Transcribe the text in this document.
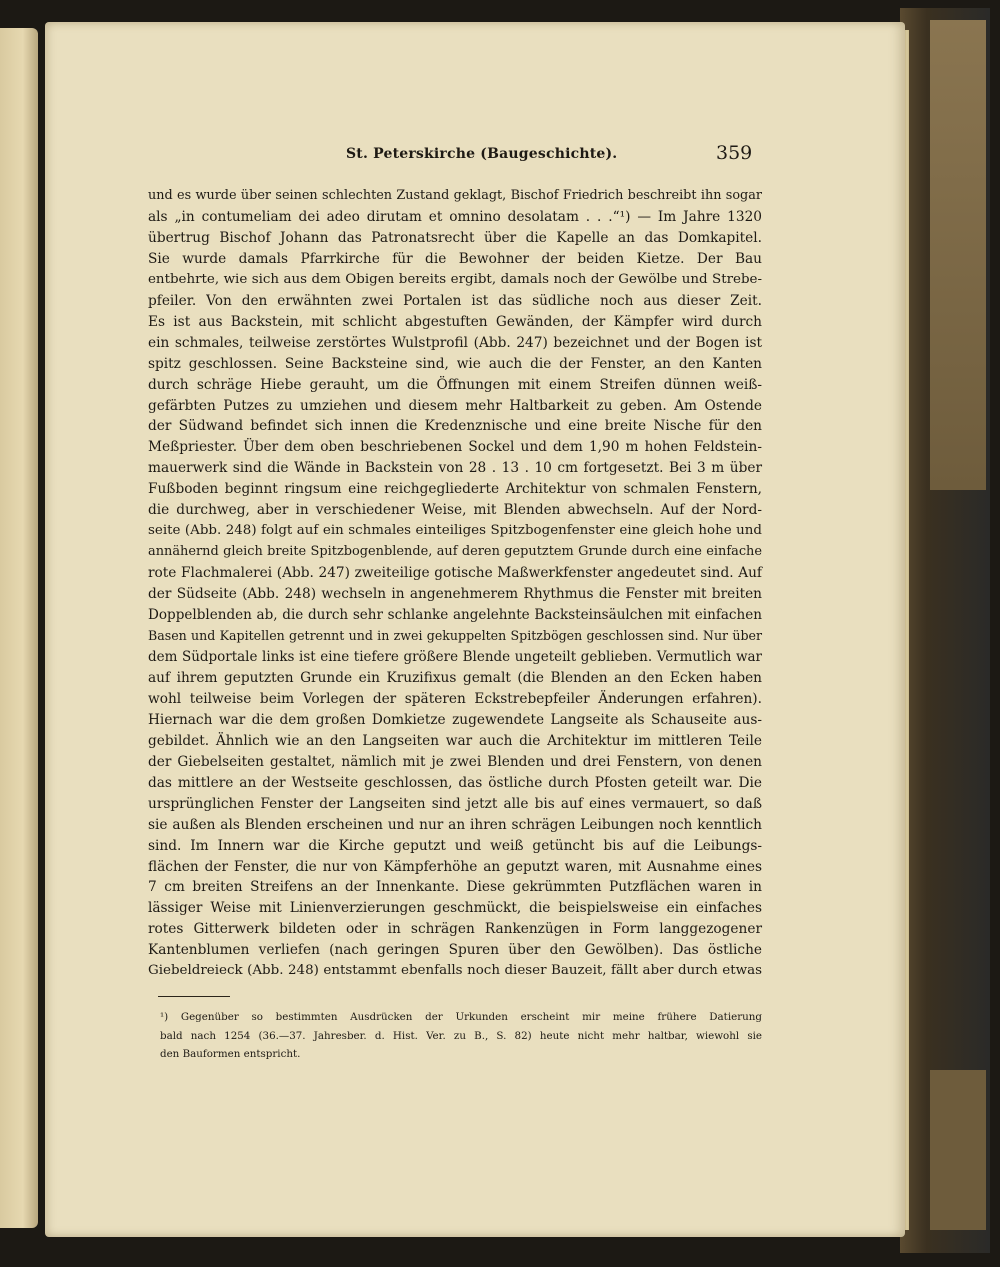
St. Peterskirche (Baugeschichte).	359
und es wurde über seinen schlechten Zustand geklagt, Bischof Friedrich beschreibt ihn sogar
als „in contumeliam dei adeo dirutam et omnino desolatam . . .“¹) — Im Jahre 1320
übertrug Bischof Johann das Patronatsrecht über die Kapelle an das Domkapitel.
Sie wurde damals Pfarrkirche für die Bewohner der beiden Kietze. Der Bau
entbehrte, wie sich aus dem Obigen bereits ergibt, damals noch der Gewölbe und Strebe-
pfeiler. Von den erwähnten zwei Portalen ist das südliche noch aus dieser Zeit.
Es ist aus Backstein, mit schlicht abgestuften Gewänden, der Kämpfer wird durch
ein schmales, teilweise zerstörtes Wulstprofil (Abb. 247) bezeichnet und der Bogen ist
spitz geschlossen. Seine Backsteine sind, wie auch die der Fenster, an den Kanten
durch schräge Hiebe gerauht, um die Öffnungen mit einem Streifen dünnen weiß-
gefärbten Putzes zu umziehen und diesem mehr Haltbarkeit zu geben. Am Ostende
der Südwand befindet sich innen die Kredenznische und eine breite Nische für den
Meßpriester. Über dem oben beschriebenen Sockel und dem 1,90 m hohen Feldstein-
mauerwerk sind die Wände in Backstein von 28 . 13 . 10 cm fortgesetzt. Bei 3 m über
Fußboden beginnt ringsum eine reichgegliederte Architektur von schmalen Fenstern,
die durchweg, aber in verschiedener Weise, mit Blenden abwechseln. Auf der Nord-
seite (Abb. 248) folgt auf ein schmales einteiliges Spitzbogenfenster eine gleich hohe und
annähernd gleich breite Spitzbogenblende, auf deren geputztem Grunde durch eine einfache
rote Flachmalerei (Abb. 247) zweiteilige gotische Maßwerkfenster angedeutet sind. Auf
der Südseite (Abb. 248) wechseln in angenehmerem Rhythmus die Fenster mit breiten
Doppelblenden ab, die durch sehr schlanke angelehnte Backsteinsäulchen mit einfachen
Basen und Kapitellen getrennt und in zwei gekuppelten Spitzbögen geschlossen sind. Nur über
dem Südportale links ist eine tiefere größere Blende ungeteilt geblieben. Vermutlich war
auf ihrem geputzten Grunde ein Kruzifixus gemalt (die Blenden an den Ecken haben
wohl teilweise beim Vorlegen der späteren Eckstrebepfeiler Änderungen erfahren).
Hiernach war die dem großen Domkietze zugewendete Langseite als Schauseite aus-
gebildet. Ähnlich wie an den Langseiten war auch die Architektur im mittleren Teile
der Giebelseiten gestaltet, nämlich mit je zwei Blenden und drei Fenstern, von denen
das mittlere an der Westseite geschlossen, das östliche durch Pfosten geteilt war. Die
ursprünglichen Fenster der Langseiten sind jetzt alle bis auf eines vermauert, so daß
sie außen als Blenden erscheinen und nur an ihren schrägen Leibungen noch kenntlich
sind. Im Innern war die Kirche geputzt und weiß getüncht bis auf die Leibungs-
flächen der Fenster, die nur von Kämpferhöhe an geputzt waren, mit Ausnahme eines
7 cm breiten Streifens an der Innenkante. Diese gekrümmten Putzflächen waren in
lässiger Weise mit Linienverzierungen geschmückt, die beispielsweise ein einfaches
rotes Gitterwerk bildeten oder in schrägen Rankenzügen in Form langgezogener
Kantenblumen verliefen (nach geringen Spuren über den Gewölben). Das östliche
Giebeldreieck (Abb. 248) entstammt ebenfalls noch dieser Bauzeit, fällt aber durch etwas
¹) Gegenüber so bestimmten Ausdrücken der Urkunden erscheint mir meine frühere Datierung
bald nach 1254 (36.—37. Jahresber. d. Hist. Ver. zu B., S. 82) heute nicht mehr haltbar, wiewohl sie
den Bauformen entspricht.
